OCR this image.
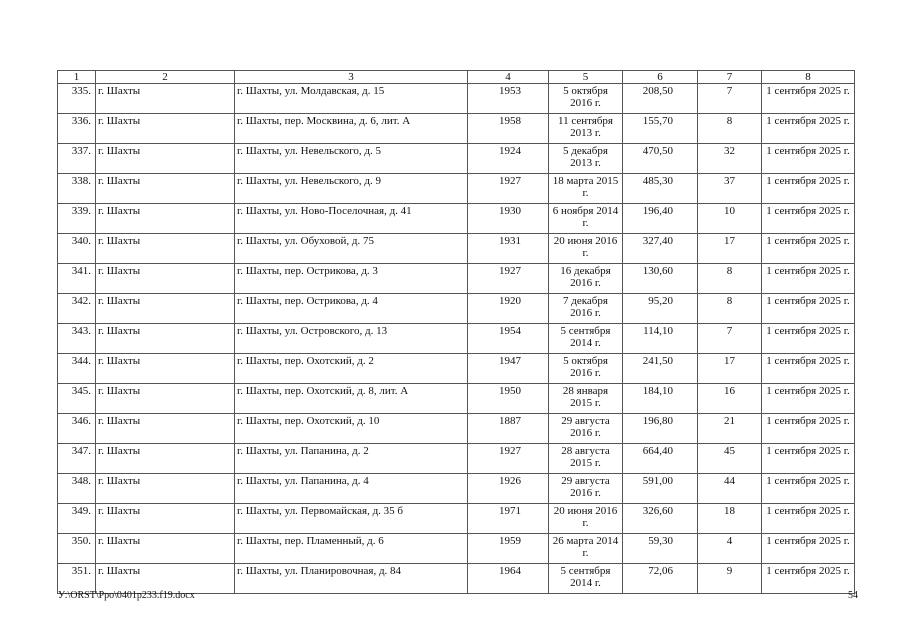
1	2	3	4	5	6	7	8
335.	г. Шахты	г. Шахты, ул. Молдавская, д. 15	1953	5 октября 2016 г.	208,50	7	1 сентября 2025 г.
336.	г. Шахты	г. Шахты, пер. Москвина, д. 6, лит. А	1958	11 сентября 2013 г.	155,70	8	1 сентября 2025 г.
337.	г. Шахты	г. Шахты, ул. Невельского, д. 5	1924	5 декабря 2013 г.	470,50	32	1 сентября 2025 г.
338.	г. Шахты	г. Шахты, ул. Невельского, д. 9	1927	18 марта 2015 г.	485,30	37	1 сентября 2025 г.
339.	г. Шахты	г. Шахты, ул. Ново-Поселочная, д. 41	1930	6 ноября 2014 г.	196,40	10	1 сентября 2025 г.
340.	г. Шахты	г. Шахты, ул. Обуховой, д. 75	1931	20 июня 2016 г.	327,40	17	1 сентября 2025 г.
341.	г. Шахты	г. Шахты, пер. Острикова, д. 3	1927	16 декабря 2016 г.	130,60	8	1 сентября 2025 г.
342.	г. Шахты	г. Шахты, пер. Острикова, д. 4	1920	7 декабря 2016 г.	95,20	8	1 сентября 2025 г.
343.	г. Шахты	г. Шахты, ул. Островского, д. 13	1954	5 сентября 2014 г.	114,10	7	1 сентября 2025 г.
344.	г. Шахты	г. Шахты, пер. Охотский, д. 2	1947	5 октября 2016 г.	241,50	17	1 сентября 2025 г.
345.	г. Шахты	г. Шахты, пер. Охотский, д. 8, лит. А	1950	28 января 2015 г.	184,10	16	1 сентября 2025 г.
346.	г. Шахты	г. Шахты, пер. Охотский, д. 10	1887	29 августа 2016 г.	196,80	21	1 сентября 2025 г.
347.	г. Шахты	г. Шахты, ул. Папанина, д. 2	1927	28 августа 2015 г.	664,40	45	1 сентября 2025 г.
348.	г. Шахты	г. Шахты, ул. Папанина, д. 4	1926	29 августа 2016 г.	591,00	44	1 сентября 2025 г.
349.	г. Шахты	г. Шахты, ул. Первомайская, д. 35 б	1971	20 июня 2016 г.	326,60	18	1 сентября 2025 г.
350.	г. Шахты	г. Шахты, пер. Пламенный, д. 6	1959	26 марта 2014 г.	59,30	4	1 сентября 2025 г.
351.	г. Шахты	г. Шахты, ул. Планировочная, д. 84	1964	5 сентября 2014 г.	72,06	9	1 сентября 2025 г.
У:\ORST\Ppo\0401p233.f19.docx	54
